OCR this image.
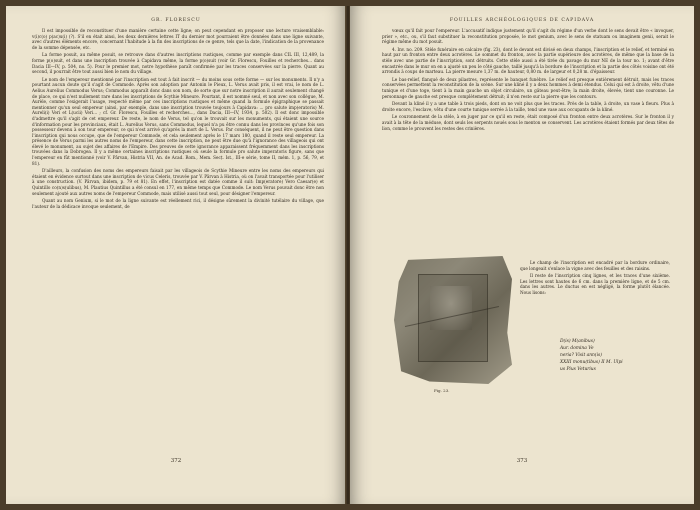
GR. FLORESCU

Il est impossible de reconstituer d'une manière certaine cette ligne; on peut cependant en proposer une lecture vraisemblable: v(i)c(o) p(ac)u(i) (?). S'il en était ainsi, les deux dernières lettres IT du dernier mot pourraient être données dans une ligne suivante, avec d'autres éléments encore, concernant l'habitude à la fin des inscriptions de ce genre, tels que la date, l'indication de la provenance de la somme dépensée, etc.

La forme posuit, au même posuit, se retrouve dans d'autres inscriptions rustiques, comme par exemple dans CIL III, 12,489, la forme p(o)suit, et dans une inscription trouvée à Capidava même, la forme p(o)suit (voir Gr. Florescu, Fouilles et recherches... dans Dacia III—IV, p. 504, no. 5). Pour le premier mot, notre hypothèse paraît confirmée par les traces conservées sur la pierre. Quant au second, il pourrait être tout aussi bien le nom du village.

Le nom de l'empereur mentionné par l'inscription est tout à fait inscrit — du moins sous cette forme — sur les monuments. Il n'y a pourtant aucun doute qu'il s'agit de Commode. Après son adoption par Antonin le Pieux, L. Verus avait pris, il est vrai, le nom de L. Aelius Aurelius Commodus Verus; Commodus apparaît donc dans son nom, de sorte que sur notre inscription il aurait seulement changé de place, ce qui n'est nullement rare dans les inscriptions de Scythie Mineure. Pourtant, il est nommé seul, et non avec son collègue, M. Aurèle, comme l'exigerait l'usage, respecté même par ces inscriptions rustiques et même quand la formule épigraphique se passait mentionner qu'un seul empereur (ainsi, par exemple, dans une inscription trouvée toujours à Capidava: ... pro salute imp(eratoris) M. Aureli(i) Veri et L(ucii) Veri... ; cf. Gr. Florescu, Fouilles et recherches..., dans Dacia, III—IV, 1934, p. 502). Il est donc impossible d'admettre qu'il s'agit de cet empereur. De reste, le nom de Verus, tel qu'on le trouvait sur les monuments, qui étaient une source d'information pour les provinciaux, était L. Aurelius Verus, sans Commodus, lequel n'a pu être connu dans les provinces qu'une fois son possesseur devenu à son tour empereur, ce qui n'est arrivé qu'après la mort de L. Verus. Par conséquent, il ne peut être question dans l'inscription qui nous occupe, que de l'empereur Commode, et cela seulement après le 17 mars 180, quand il reste seul empereur. La présence de Verus parmi les autres noms de l'empereur, dans cette inscription, ne peut être due qu'à l'ignorance des villageois qui ont élevé le monument, au sujet des affaires de l'Empire. Des preuves de cette ignorance apparaissent fréquemment dans les inscriptions trouvées dans la Dobrogea. Il y a même certaines inscriptions rustiques où seule la formule pro salute imperatoris figure, sans que l'empereur en fût mentionné (voir V. Pârvan, Histria VII, An. de Acad. Rom., Mem. Secț. Ist., III-e série, tome II, mém. 1, p. 56, 79, et 81).

D'ailleurs, la confusion des noms des empereurs faisait par les villageois de Scythie Mineure entre les noms des empereurs qui étaient en évidence surtout dans une inscription de vicus Celeris, trouvée par V. Pârvan à Histria, où on l'avait transportée pour l'utiliser à une construction. (V. Pârvan, ibidem, p. 79 et 81). En effet, l'inscription est datée comme il suit: Imp(eratore) Vero Caesar(e) et Quintillo co(n)s(ulibus), M. Plautius Quintillus a été consul en 177, en même temps que Commode. Le nom Verus pouvait donc être non seulement ajouté aux autres noms de l'empereur Commode, mais utilisé aussi tout seul, pour désigner l'empereur.

Quant au nom Genium, si le mot de la ligne suivante est réellement rici, il désigne sûrement la divinité tutélaire du village, que l'auteur de la dédicace invoque seulement, de

372
FOUILLES ARCHÉOLOGIQUES DE CAPIDAVA

vœux qu'il fait pour l'empereur. L'accusatif indique justement qu'il s'agit du régime d'un verbe dont le sens devait être « invoquer, prier », etc., ou, s'il faut substituer la reconstitution proposée, le mot genium, avec le sens de statuam ou imaginem genii, serait le régime même du mot posuit.

4. Inv. no. 209. Stèle funéraire en calcaire (fig. 23), dont le devant est divisé en deux champs, l'inscription et le relief, et terminé en haut par un fronton entre deux acrotères. Le sommet du fronton, avec la partie supérieure des acrotères, de même que la base de la stèle avec une partie de l'inscription, sont détruits. Cette stèle aussi a été tirée du pavage du mur NE de la tour no. 1; avant d'être encastrée dans le mur on en a ajusté un peu le côté gauche, taillé jusqu'à la bordure de l'inscription et la partie des côtés voisine ont été arrondis à coups de marteau. La pierre mesure 1,37 m. de hauteur, 0,80 m. de largeur et 0,28 m. d'épaisseur.

Le bas-relief, flanqué de deux pilastres, représente le banquet funèbre. Le relief est presque entièrement détruit, mais les traces conservées permettent la reconstitution de la scène. Sur une kliné il y a deux hommes à demi étendus. Celui qui est à droite, vêtu d'une tunique et d'une toge, tient à la main gauche un objet circulaire, un gâteau peut-être; la main droite, élevée, tient une couronne. Le personnage de gauche est presque complètement détruit; il n'en reste sur la pierre que les contours.

Devant la kliné il y a une table à trois pieds, dont on ne voit plus que les traces. Près de la table, à droite, un vase à fleurs. Plus à droite encore, l'esclave, vêtu d'une courte tunique serrée à la taille, tend une vase aux occupants de la kliné.

Le couronnement de la stèle, à en juger par ce qu'il en reste, était composé d'un fronton entre deux acrotères. Sur le fronton il y avait à la tête de la méduse, dont seuls les serpents noués sous le menton se conservent. Les acrotères étaient formés par deux têtes de lion, comme le prouvent les restes des crinières.

Fig. 23.

Le champ de l'inscription est encadré par la bordure ordinaire, que longeait s'enlace la vigne avec des feuilles et des raisins.

Il reste de l'inscription cinq lignes, et les traces d'une sixième. Les lettres sont hautes de 6 cm. dans la première ligne, et de 5 cm. dans les autres. Le ductus en est négligé, la forme plutôt élancée. Nous lisons:

D(is) M(anibus)
Aur. domina Ve
neria? Visit ann(is)
XXIII monu(tibus) II M. Ulpi
us Pius Veturius
373
